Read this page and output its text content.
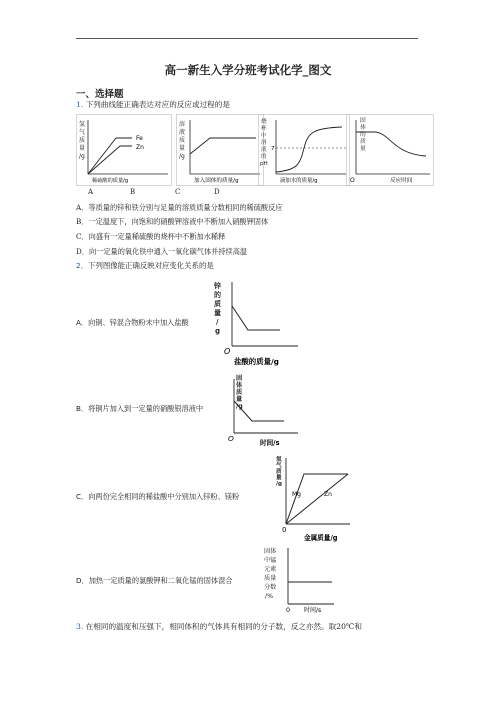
高一新生入学分班考试化学_图文
一、选择题
1. 下列曲线能正确表达对应的反应或过程的是
氢
气
质
量
/g
Fe
Zn
稀硫酸的质量/g
溶
液
质
量
/g
加入固体的质量/g
烧
杯
中
溶
液
的
pH
7
滴加水的质量/g
固
体
的
质
量
O	反应时间
A	B	C	D
A．等质量的锌和铁分别与足量的溶质质量分数相同的稀硫酸反应
B．一定温度下，向饱和的硝酸钾溶液中不断加入硝酸钾固体
C．向盛有一定量稀硫酸的烧杯中不断加水稀释
D．向一定量的氧化铁中通入一氧化碳气体并持续高温
2．下列图像能正确反映对应变化关系的是
A．向铜、锌混合物粉末中加入盐酸
锌
的
质
量
/
g
O
盐酸的质量/g
B．将铜片加入到一定量的硝酸银溶液中
固
体
质
量
/g
O	时间/s
C．向两份完全相同的稀盐酸中分别加入锌粉、镁粉
氢
气
质
量
/g
Mg	Zn
0
金属质量/g
D．加热一定质量的氯酸钾和二氧化锰的固体混合
固体
中锰
元素
质量
分数
/%
0 时间/s
3. 在相同的温度和压强下，相同体积的气体具有相同的分子数，反之亦然。取20℃和
